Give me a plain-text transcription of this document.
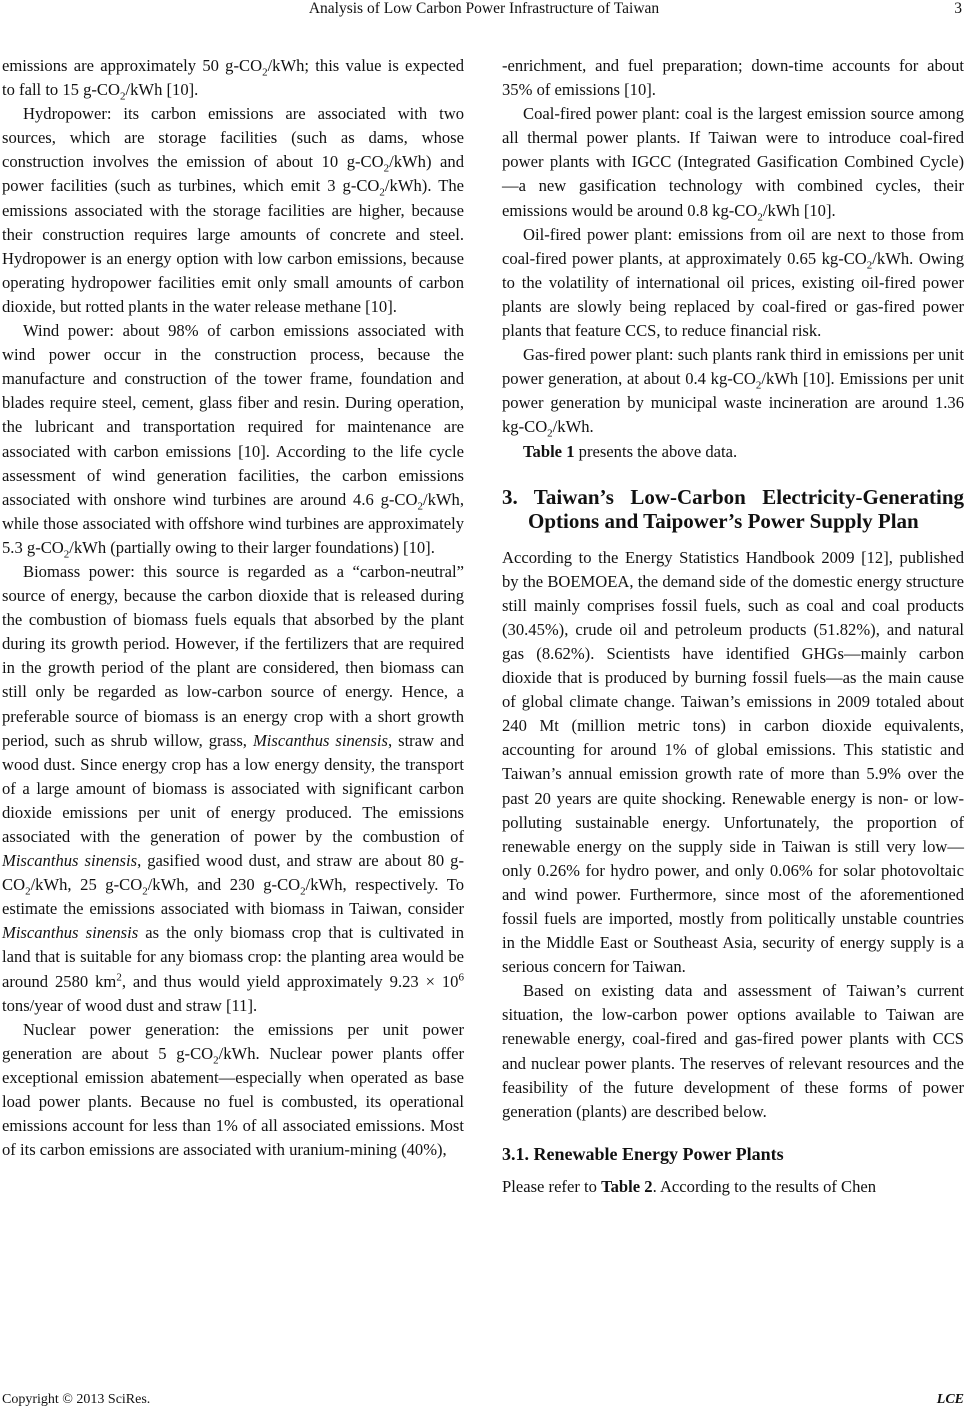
Analysis of Low Carbon Power Infrastructure of Taiwan	3

emissions are approximately 50 $g-CO_2$/kWh; this value is expected to fall to 15 $g-CO_2$/kWh [10].

Hydropower: its carbon emissions are associated with two sources, which are storage facilities (such as dams, whose construction involves the emission of about 10 $g-CO_2/kWh$) and power facilities (such as turbines, which emit 3 $g-CO_2/kWh$). The emissions associated with the storage facilities are higher, because their construction requires large amounts of concrete and steel. Hydropower is an energy option with low carbon emissions, because operating hydropower facilities emit only small amounts of carbon dioxide, but rotted plants in the water release methane [10].

Wind power: about 98% of carbon emissions associated with wind power occur in the construction process, because the manufacture and construction of the tower frame, foundation and blades require steel, cement, glass fiber and resin. During operation, the lubricant and transportation required for maintenance are associated with carbon emissions [10]. According to the life cycle assessment of wind generation facilities, the carbon emissions associated with onshore wind turbines are around 4.6 $g-CO_2$/kWh, while those associated with offshore wind turbines are approximately 5.3 $g-CO_2$/kWh (partially owing to their larger foundations) [10].

Biomass power: this source is regarded as a “carbon-neutral” source of energy, because the carbon dioxide that is released during the combustion of biomass fuels equals that absorbed by the plant during its growth period. However, if the fertilizers that are required in the growth period of the plant are considered, then biomass can still only be regarded as low-carbon source of energy. Hence, a preferable source of biomass is an energy crop with a short growth period, such as shrub willow, grass, Miscanthus sinensis, straw and wood dust. Since energy crop has a low energy density, the transport of a large amount of biomass is associated with significant carbon dioxide emissions per unit of energy produced. The emissions associated with the generation of power by the combustion of Miscanthus sinensis, gasified wood dust, and straw are about 80 $g-CO_2$/kWh, 25 $g-CO_2$/kWh, and 230 $g-CO_2$/kWh, respectively. To estimate the emissions associated with biomass in Taiwan, consider Miscanthus sinensis as the only biomass crop that is cultivated in land that is suitable for any biomass crop: the planting area would be around 2580 $km^2$, and thus would yield approximately $9.23 \times 10^6$ tons/year of wood dust and straw [11].

Nuclear power generation: the emissions per unit power generation are about 5 $g-CO_2$/kWh. Nuclear power plants offer exceptional emission abatement—especially when operated as base load power plants. Because no fuel is combusted, its operational emissions account for less than 1% of all associated emissions. Most of its carbon emissions are associated with uranium-mining (40%),

-enrichment, and fuel preparation; down-time accounts for about 35% of emissions [10].

Coal-fired power plant: coal is the largest emission source among all thermal power plants. If Taiwan were to introduce coal-fired power plants with IGCC (Integrated Gasification Combined Cycle)—a new gasification technology with combined cycles, their emissions would be around 0.8 $kg-CO_2$/kWh [10].

Oil-fired power plant: emissions from oil are next to those from coal-fired power plants, at approximately 0.65 $kg-CO_2$/kWh. Owing to the volatility of international oil prices, existing oil-fired power plants are slowly being replaced by coal-fired or gas-fired power plants that feature CCS, to reduce financial risk.

Gas-fired power plant: such plants rank third in emissions per unit power generation, at about 0.4 $kg-CO_2$/kWh [10]. Emissions per unit power generation by municipal waste incineration are around 1.36 $kg-CO_2$/kWh.

Table 1 presents the above data.

3. Taiwan’s Low-Carbon Electricity-Generating Options and Taipower’s Power Supply Plan

According to the Energy Statistics Handbook 2009 [12], published by the BOEMOEA, the demand side of the domestic energy structure still mainly comprises fossil fuels, such as coal and coal products (30.45%), crude oil and petroleum products (51.82%), and natural gas (8.62%). Scientists have identified GHGs—mainly carbon dioxide that is produced by burning fossil fuels—as the main cause of global climate change. Taiwan’s emissions in 2009 totaled about 240 Mt (million metric tons) in carbon dioxide equivalents, accounting for around 1% of global emissions. This statistic and Taiwan’s annual emission growth rate of more than 5.9% over the past 20 years are quite shocking. Renewable energy is non- or low-polluting sustainable energy. Unfortunately, the proportion of renewable energy on the supply side in Taiwan is still very low—only 0.26% for hydro power, and only 0.06% for solar photovoltaic and wind power. Furthermore, since most of the aforementioned fossil fuels are imported, mostly from politically unstable countries in the Middle East or Southeast Asia, security of energy supply is a serious concern for Taiwan.

Based on existing data and assessment of Taiwan’s current situation, the low-carbon power options available to Taiwan are renewable energy, coal-fired and gas-fired power plants with CCS and nuclear power plants. The reserves of relevant resources and the feasibility of the future development of these forms of power generation (plants) are described below.

3.1. Renewable Energy Power Plants

Please refer to Table 2. According to the results of Chen

Copyright © 2013 SciRes.	LCE
